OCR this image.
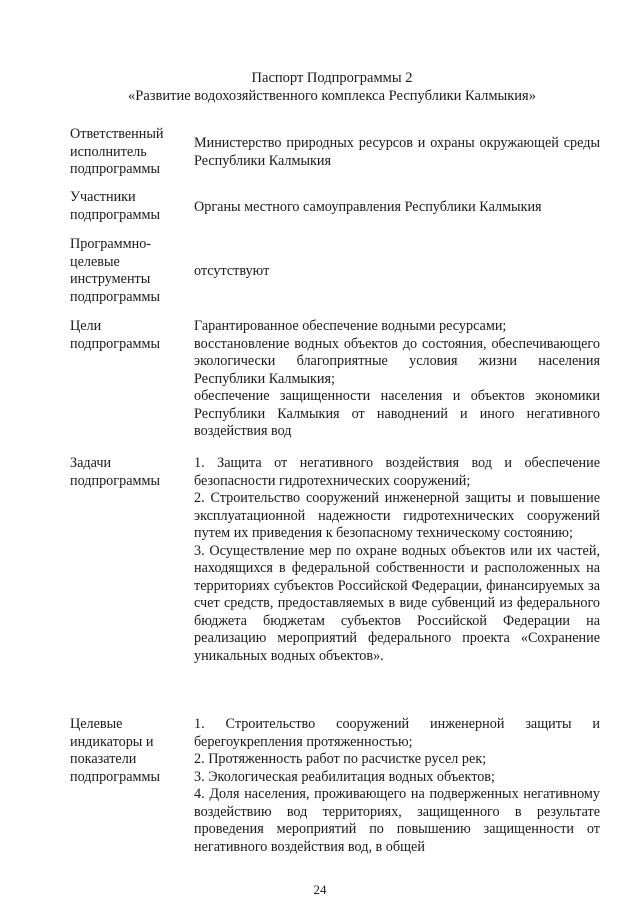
Паспорт Подпрограммы 2
«Развитие водохозяйственного комплекса Республики Калмыкия»
Ответственный
исполнитель
подпрограммы

Министерство природных ресурсов и охраны окружающей среды Республики Калмыкия

Участники
подпрограммы	Органы местного самоуправления Республики Калмыкия

Программно-
целевые
инструменты
подпрограммы

отсутствуют

Цели
подпрограммы

Гарантированное обеспечение водными ресурсами;

восстановление водных объектов до состояния, обеспечивающего экологически благоприятные условия жизни населения Республики Калмыкия;

обеспечение защищенности населения и объектов экономики Республики Калмыкия от наводнений и иного негативного воздействия вод

Задачи
подпрограммы

1. Защита от негативного воздействия вод и обеспечение безопасности гидротехнических сооружений;

2. Строительство сооружений инженерной защиты и повышение эксплуатационной надежности гидротехнических сооружений путем их приведения к безопасному техническому состоянию;

3. Осуществление мер по охране водных объектов или их частей, находящихся в федеральной собственности и расположенных на территориях субъектов Российской Федерации, финансируемых за счет средств, предоставляемых в виде субвенций из федерального бюджета бюджетам субъектов Российской Федерации на реализацию мероприятий федерального проекта «Сохранение уникальных водных объектов».

Целевые
индикаторы и
показатели
подпрограммы

1. Строительство сооружений инженерной защиты и берегоукрепления протяженностью;

2. Протяженность работ по расчистке русел рек;

3. Экологическая реабилитация водных объектов;

4. Доля населения, проживающего на подверженных негативному воздействию вод территориях, защищенного в результате проведения мероприятий по повышению защищенности от негативного воздействия вод, в общей

24
